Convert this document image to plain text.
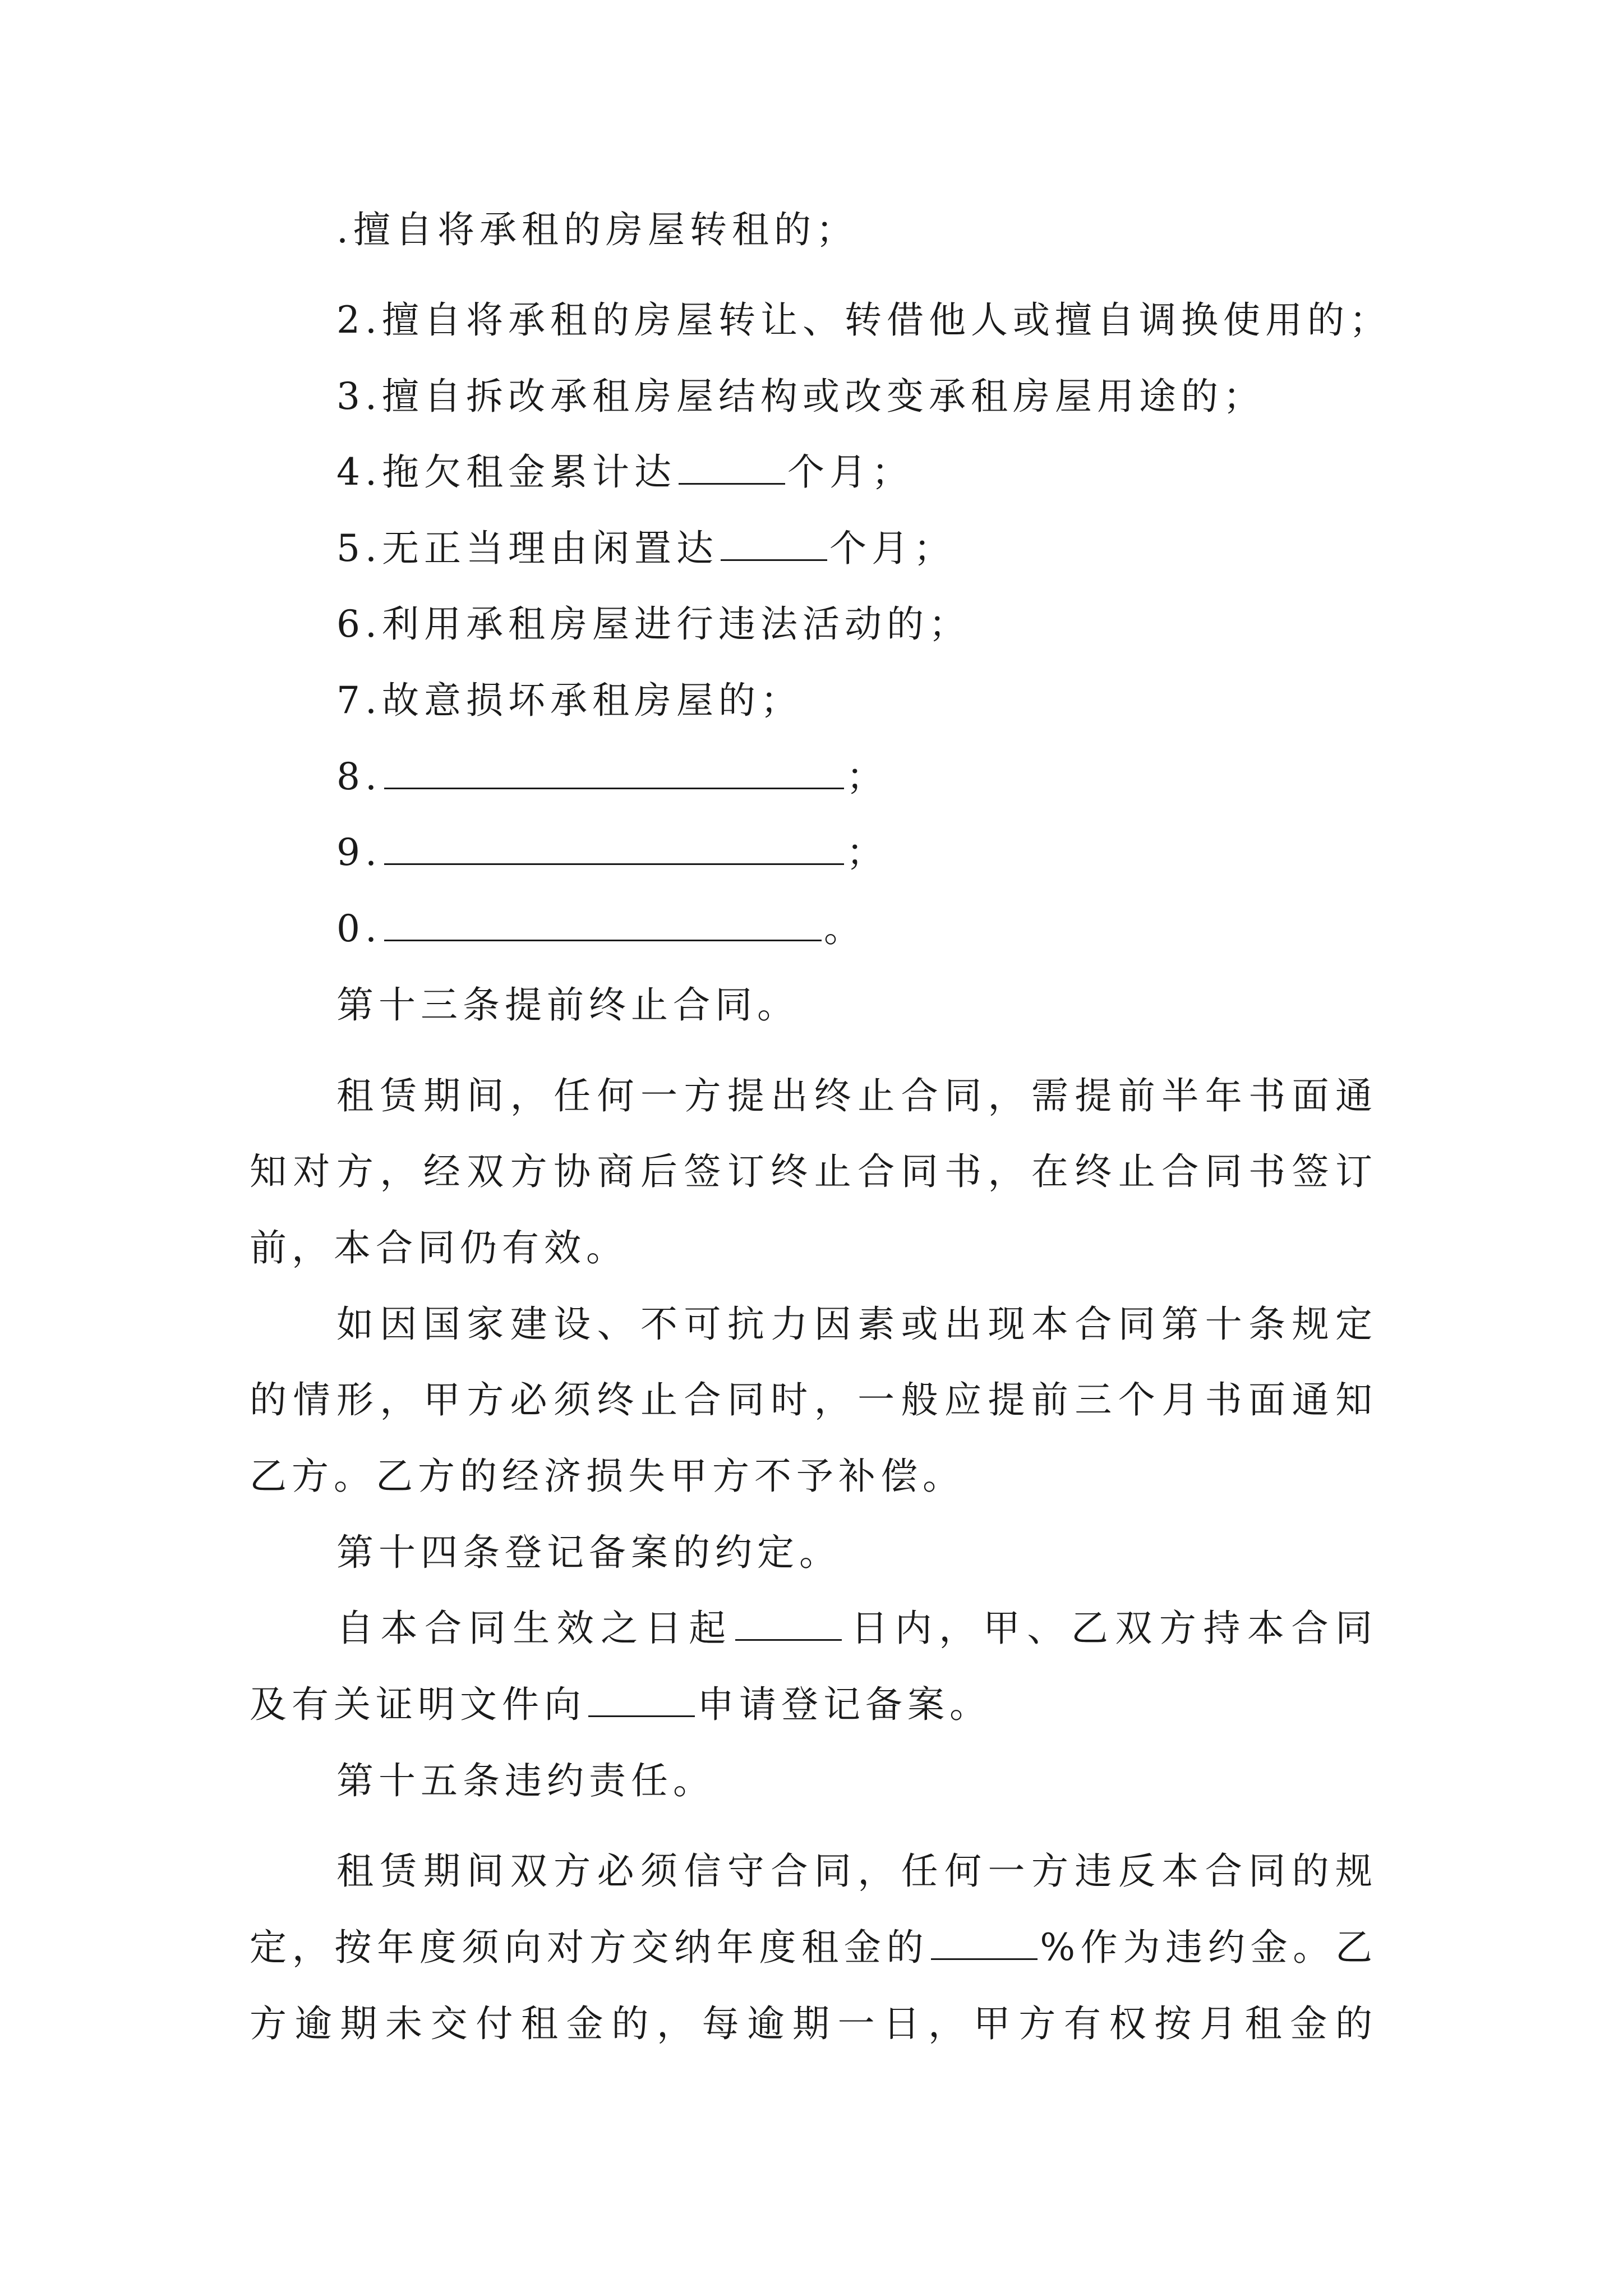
.擅自将承租的房屋转租的；
2.擅自将承租的房屋转让、转借他人或擅自调换使用的；
3.擅自拆改承租房屋结构或改变承租房屋用途的；
4.拖欠租金累计达	个月；
5.无正当理由闲置达	个月；
6.利用承租房屋进行违法活动的；
7.故意损坏承租房屋的；
8.	；
9.	；
0.	。
第十三条提前终止合同。
租赁期间，任何一方提出终止合同，需提前半年书面通
知对方，经双方协商后签订终止合同书，在终止合同书签订
前，本合同仍有效。
如因国家建设、不可抗力因素或出现本合同第十条规定
的情形，甲方必须终止合同时，一般应提前三个月书面通知
乙方。乙方的经济损失甲方不予补偿。
第十四条登记备案的约定。
自本合同生效之日起	日内，甲、乙双方持本合同
及有关证明文件向	申请登记备案。
第十五条违约责任。
租赁期间双方必须信守合同，任何一方违反本合同的规
定，按年度须向对方交纳年度租金的	%作为违约金。乙
方逾期未交付租金的，每逾期一日，甲方有权按月租金的
